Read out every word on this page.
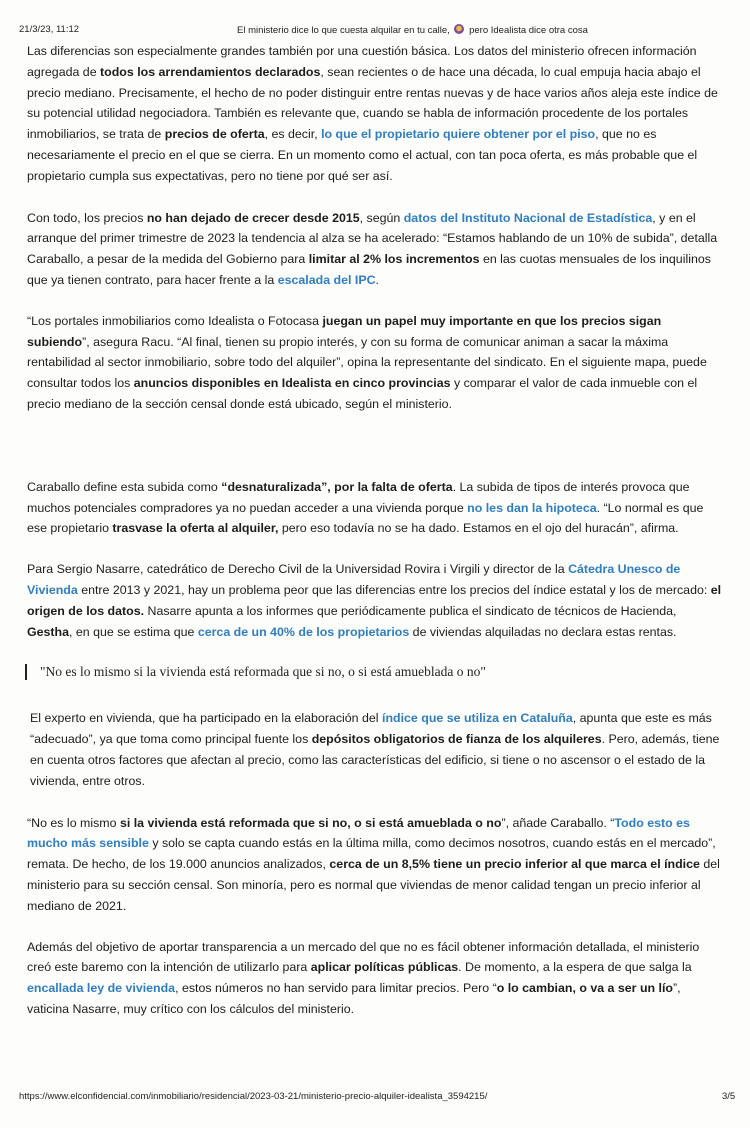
21/3/23, 11:12	El ministerio dice lo que cuesta alquilar en tu calle, pero Idealista dice otra cosa

Las diferencias son especialmente grandes también por una cuestión básica. Los datos del ministerio ofrecen información agregada de todos los arrendamientos declarados, sean recientes o de hace una década, lo cual empuja hacia abajo el precio mediano. Precisamente, el hecho de no poder distinguir entre rentas nuevas y de hace varios años aleja este índice de su potencial utilidad negociadora. También es relevante que, cuando se habla de información procedente de los portales inmobiliarios, se trata de precios de oferta, es decir, lo que el propietario quiere obtener por el piso, que no es necesariamente el precio en el que se cierra. En un momento como el actual, con tan poca oferta, es más probable que el propietario cumpla sus expectativas, pero no tiene por qué ser así.

Con todo, los precios no han dejado de crecer desde 2015, según datos del Instituto Nacional de Estadística, y en el arranque del primer trimestre de 2023 la tendencia al alza se ha acelerado: “Estamos hablando de un 10% de subida”, detalla Caraballo, a pesar de la medida del Gobierno para limitar al 2% los incrementos en las cuotas mensuales de los inquilinos que ya tienen contrato, para hacer frente a la escalada del IPC.

“Los portales inmobiliarios como Idealista o Fotocasa juegan un papel muy importante en que los precios sigan subiendo”, asegura Racu. “Al final, tienen su propio interés, y con su forma de comunicar animan a sacar la máxima rentabilidad al sector inmobiliario, sobre todo del alquiler”, opina la representante del sindicato. En el siguiente mapa, puede consultar todos los anuncios disponibles en Idealista en cinco provincias y comparar el valor de cada inmueble con el precio mediano de la sección censal donde está ubicado, según el ministerio.

Caraballo define esta subida como “desnaturalizada”, por la falta de oferta. La subida de tipos de interés provoca que muchos potenciales compradores ya no puedan acceder a una vivienda porque no les dan la hipoteca. “Lo normal es que ese propietario trasvase la oferta al alquiler, pero eso todavía no se ha dado. Estamos en el ojo del huracán”, afirma.

Para Sergio Nasarre, catedrático de Derecho Civil de la Universidad Rovira i Virgili y director de la Cátedra Unesco de Vivienda entre 2013 y 2021, hay un problema peor que las diferencias entre los precios del índice estatal y los de mercado: el origen de los datos. Nasarre apunta a los informes que periódicamente publica el sindicato de técnicos de Hacienda, Gestha, en que se estima que cerca de un 40% de los propietarios de viviendas alquiladas no declara estas rentas.

"No es lo mismo si la vivienda está reformada que si no, o si está amueblada o no"

El experto en vivienda, que ha participado en la elaboración del índice que se utiliza en Cataluña, apunta que este es más “adecuado”, ya que toma como principal fuente los depósitos obligatorios de fianza de los alquileres. Pero, además, tiene en cuenta otros factores que afectan al precio, como las características del edificio, si tiene o no ascensor o el estado de la vivienda, entre otros.

“No es lo mismo si la vivienda está reformada que si no, o si está amueblada o no”, añade Caraballo. “Todo esto es mucho más sensible y solo se capta cuando estás en la última milla, como decimos nosotros, cuando estás en el mercado”, remata. De hecho, de los 19.000 anuncios analizados, cerca de un 8,5% tiene un precio inferior al que marca el índice del ministerio para su sección censal. Son minoría, pero es normal que viviendas de menor calidad tengan un precio inferior al mediano de 2021.

Además del objetivo de aportar transparencia a un mercado del que no es fácil obtener información detallada, el ministerio creó este baremo con la intención de utilizarlo para aplicar políticas públicas. De momento, a la espera de que salga la encallada ley de vivienda, estos números no han servido para limitar precios. Pero “o lo cambian, o va a ser un lío”, vaticina Nasarre, muy crítico con los cálculos del ministerio.

https://www.elconfidencial.com/inmobiliario/residencial/2023-03-21/ministerio-precio-alquiler-idealista_3594215/	3/5
